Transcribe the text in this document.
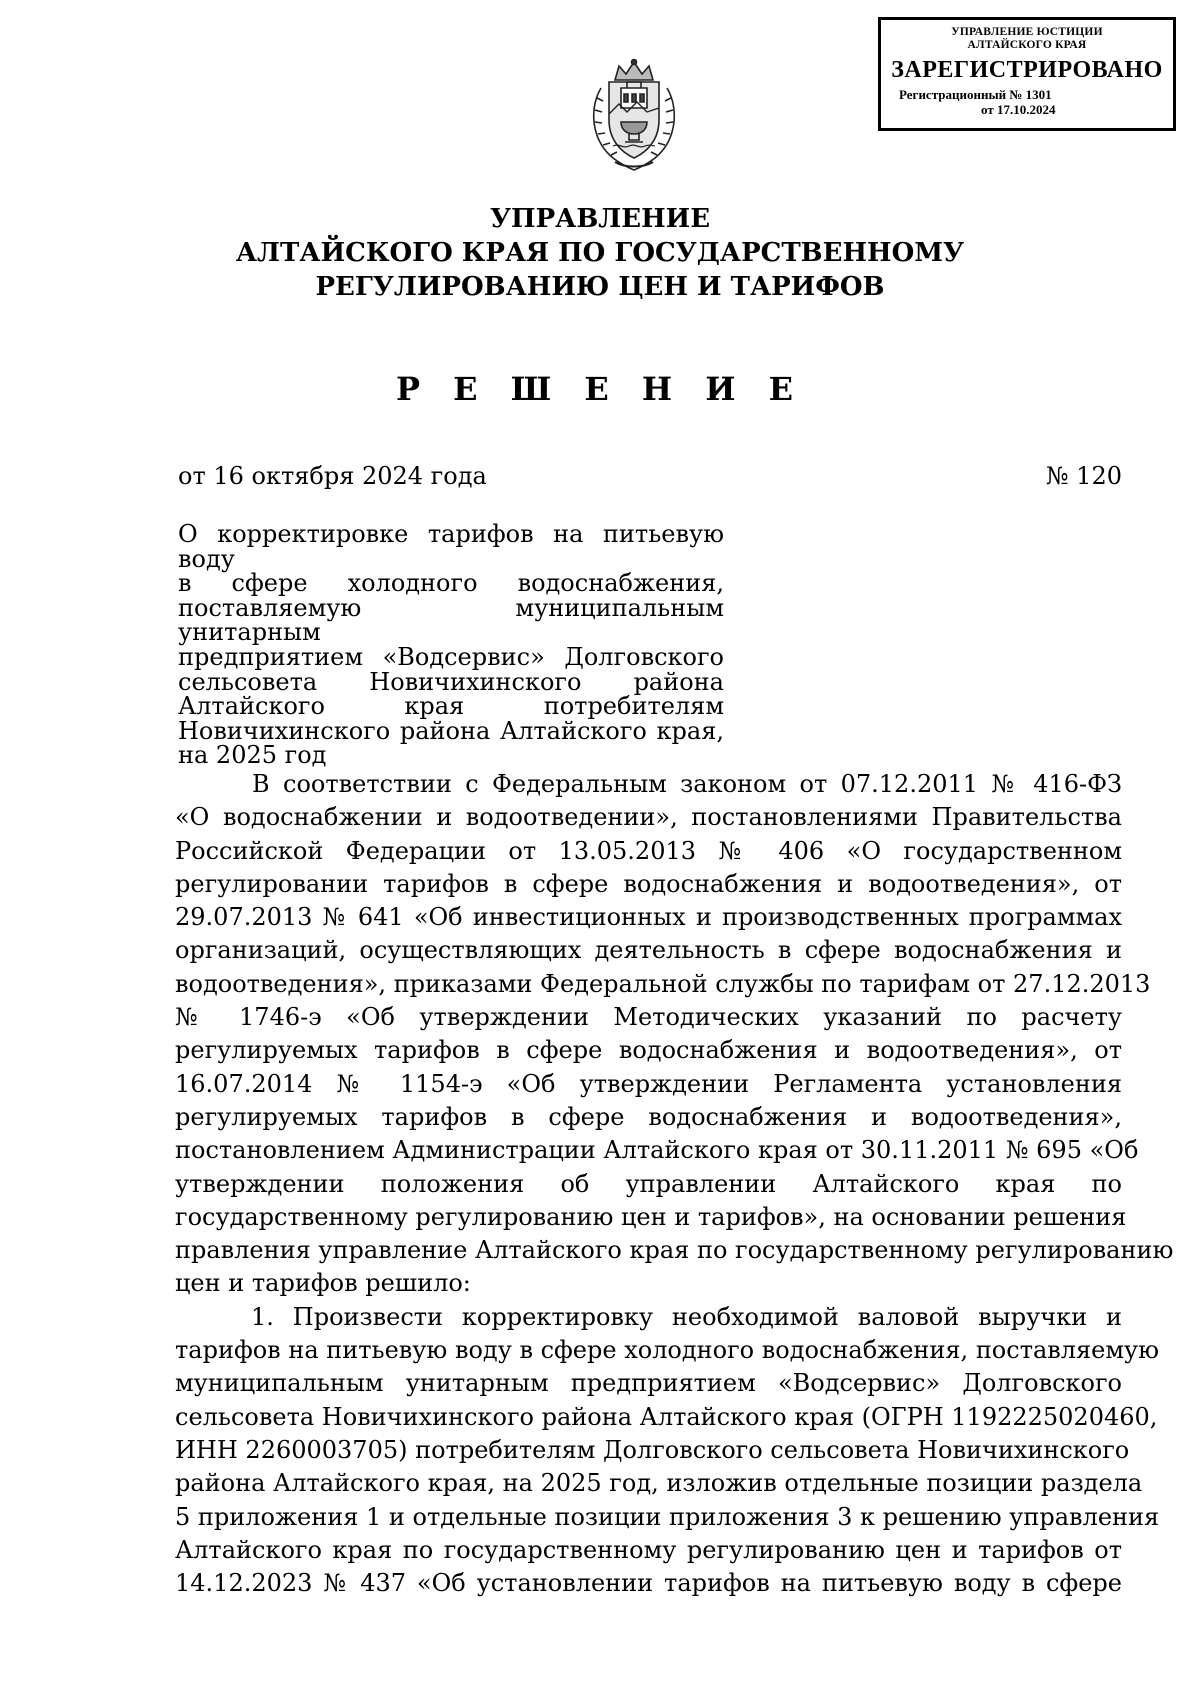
УПРАВЛЕНИЕ ЮСТИЦИИ
АЛТАЙСКОГО КРАЯ
ЗАРЕГИСТРИРОВАНО
Регистрационный № 1301
от 17.10.2024
УПРАВЛЕНИЕ
АЛТАЙСКОГО КРАЯ ПО ГОСУДАРСТВЕННОМУ
РЕГУЛИРОВАНИЮ ЦЕН И ТАРИФОВ
Р Е Ш Е Н И Е
от 16 октября 2024 года	№ 120
О корректировке тарифов на питьевую воду
в сфере холодного водоснабжения,
поставляемую муниципальным унитарным
предприятием «Водсервис» Долговского
сельсовета Новичихинского района
Алтайского края потребителям
Новичихинского района Алтайского края,
на 2025 год
В соответствии с Федеральным законом от 07.12.2011 № 416-ФЗ
«О водоснабжении и водоотведении», постановлениями Правительства
Российской Федерации от 13.05.2013 № 406 «О государственном
регулировании тарифов в сфере водоснабжения и водоотведения», от
29.07.2013 № 641 «Об инвестиционных и производственных программах
организаций, осуществляющих деятельность в сфере водоснабжения и
водоотведения», приказами Федеральной службы по тарифам от 27.12.2013
№ 1746-э «Об утверждении Методических указаний по расчету
регулируемых тарифов в сфере водоснабжения и водоотведения», от
16.07.2014 № 1154-э «Об утверждении Регламента установления
регулируемых тарифов в сфере водоснабжения и водоотведения»,
постановлением Администрации Алтайского края от 30.11.2011 № 695 «Об
утверждении положения об управлении Алтайского края по
государственному регулированию цен и тарифов», на основании решения
правления управление Алтайского края по государственному регулированию
цен и тарифов решило:
1. Произвести корректировку необходимой валовой выручки и
тарифов на питьевую воду в сфере холодного водоснабжения, поставляемую
муниципальным унитарным предприятием «Водсервис» Долговского
сельсовета Новичихинского района Алтайского края (ОГРН 1192225020460,
ИНН 2260003705) потребителям Долговского сельсовета Новичихинского
района Алтайского края, на 2025 год, изложив отдельные позиции раздела
5 приложения 1 и отдельные позиции приложения 3 к решению управления
Алтайского края по государственному регулированию цен и тарифов от
14.12.2023 № 437 «Об установлении тарифов на питьевую воду в сфере
